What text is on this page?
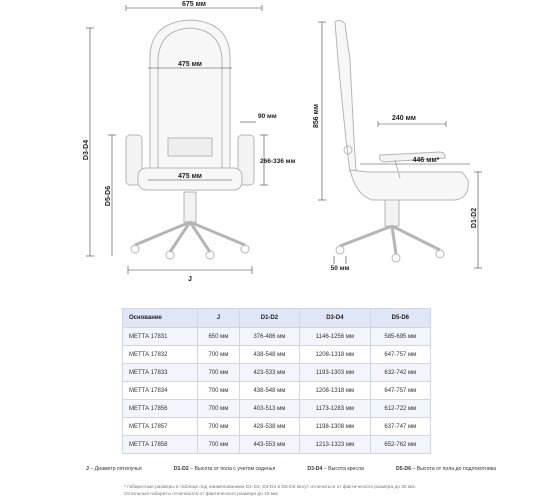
675 мм
475 мм
475 мм
90 мм
266-336 мм
D3-D4
D5-D6
J
856 мм	240 мм
446 мм*
D1-D2
50 мм
Основание	J	D1-D2	D3-D4	D5-D6
МЕТТА 17831	650 мм	376-486 мм	1146-1256 мм	585-695 мм
МЕТТА 17832	700 мм	438-548 мм	1208-1318 мм	647-757 мм
МЕТТА 17833	700 мм	423-533 мм	1193-1303 мм	632-742 мм
МЕТТА 17834	700 мм	438-548 мм	1208-1318 мм	647-757 мм
МЕТТА 17856	700 мм	403-513 мм	1173-1283 мм	612-722 мм
МЕТТА 17857	700 мм	428-538 мм	1198-1308 мм	637-747 мм
МЕТТА 17858	700 мм	443-553 мм	1213-1323 мм	652-762 мм
J – Диаметр пятилучья	D1-D2 – Высота от пола с учетом сиденья	D3-D4 – Высота кресла	D5-D6 – Высота от пола до подлокотника
* Габаритные размеры в таблице под наименованием D1-D2, D3-D4 и D5-D6 могут отличаться от фактического размера до 30 мм.
Остальные габариты отличаются от фактического размера до 15 мм.
